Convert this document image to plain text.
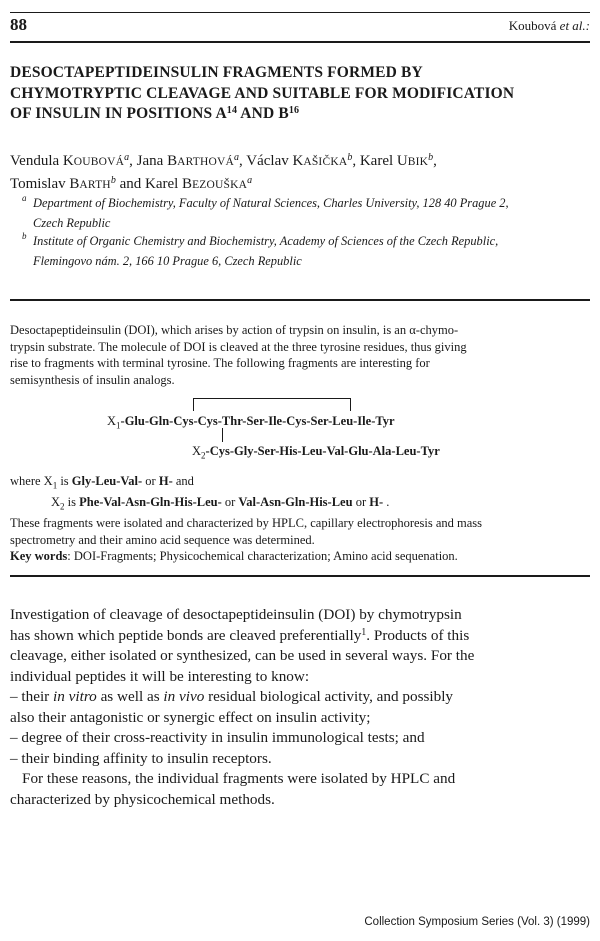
88	Koubová et al.:
DESOCTAPEPTIDEINSULIN FRAGMENTS FORMED BY
CHYMOTRYPTIC CLEAVAGE AND SUITABLE FOR MODIFICATION
OF INSULIN IN POSITIONS $A^{14}$ AND $B^{16}$
Vendula KOUBOVÁ$^a$, Jana BARTHOVÁ$^a$, Václav KAŠIČKA$^b$, Karel UBIK$^b$,
Tomislav BARTH$^b$ and Karel BEZOUŠKA$^a$
a Department of Biochemistry, Faculty of Natural Sciences, Charles University, 128 40 Prague 2,
Czech Republic
b Institute of Organic Chemistry and Biochemistry, Academy of Sciences of the Czech Republic,
Flemingovo nám. 2, 166 10 Prague 6, Czech Republic
Desoctapeptideinsulin (DOI), which arises by action of trypsin on insulin, is an α-chymo-
trypsin substrate. The molecule of DOI is cleaved at the three tyrosine residues, thus giving
rise to fragments with terminal tyrosine. The following fragments are interesting for
semisynthesis of insulin analogs.
$X_1-Glu-Gln-Cys-Cys-Thr-Ser-Ile-Cys-Ser-Leu-Ile$-Tyr
$X_2-Cys-Gly-Ser-His-Leu-Val-Glu-Ala-Leu$-Tyr
where $X_1$ is Gly-Leu-Val- or H- and
$X_2$ is Phe-Val-Asn-Gln-His-Leu- or Val-Asn-Gln-His-Leu or H- .
These fragments were isolated and characterized by HPLC, capillary electrophoresis and mass
spectrometry and their amino acid sequence was determined.
Key words: DOI-Fragments; Physicochemical characterization; Amino acid sequenation.
Investigation of cleavage of desoctapeptideinsulin (DOI) by chymotrypsin
has shown which peptide bonds are cleaved preferentially$^1$. Products of this
cleavage, either isolated or synthesized, can be used in several ways. For the
individual peptides it will be interesting to know:
– their in vitro as well as in vivo residual biological activity, and possibly
also their antagonistic or synergic effect on insulin activity;
– degree of their cross-reactivity in insulin immunological tests; and
– their binding affinity to insulin receptors.
For these reasons, the individual fragments were isolated by HPLC and
characterized by physicochemical methods.
Collection Symposium Series (Vol. 3) (1999)
